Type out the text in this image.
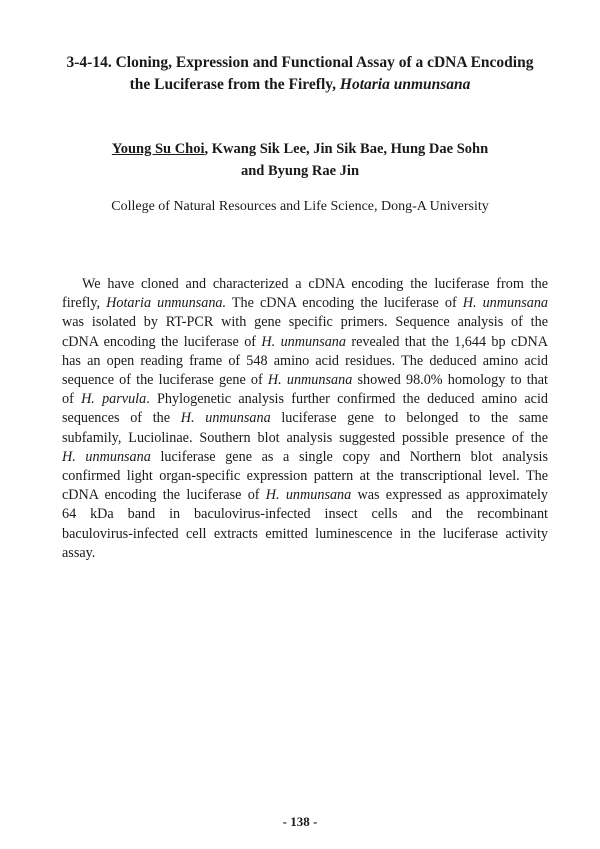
3-4-14. Cloning, Expression and Functional Assay of a cDNA Encoding
the Luciferase from the Firefly, Hotaria unmunsana
Young Su Choi, Kwang Sik Lee, Jin Sik Bae, Hung Dae Sohn
and Byung Rae Jin
College of Natural Resources and Life Science, Dong-A University
We have cloned and characterized a cDNA encoding the luciferase from the
firefly, Hotaria unmunsana. The cDNA encoding the luciferase of H. unmunsana
was isolated by RT-PCR with gene specific primers. Sequence analysis of the
cDNA encoding the luciferase of H. unmunsana revealed that the 1,644 bp cDNA
has an open reading frame of 548 amino acid residues. The deduced amino acid
sequence of the luciferase gene of H. unmunsana showed 98.0% homology to that
of H. parvula. Phylogenetic analysis further confirmed the deduced amino acid
sequences of the H. unmunsana luciferase gene to belonged to the same
subfamily, Luciolinae. Southern blot analysis suggested possible presence of the
H. unmunsana luciferase gene as a single copy and Northern blot analysis
confirmed light organ-specific expression pattern at the transcriptional level. The
cDNA encoding the luciferase of H. unmunsana was expressed as approximately
64 kDa band in baculovirus-infected insect cells and the recombinant
baculovirus-infected cell extracts emitted luminescence in the luciferase activity
assay.
- 138 -
